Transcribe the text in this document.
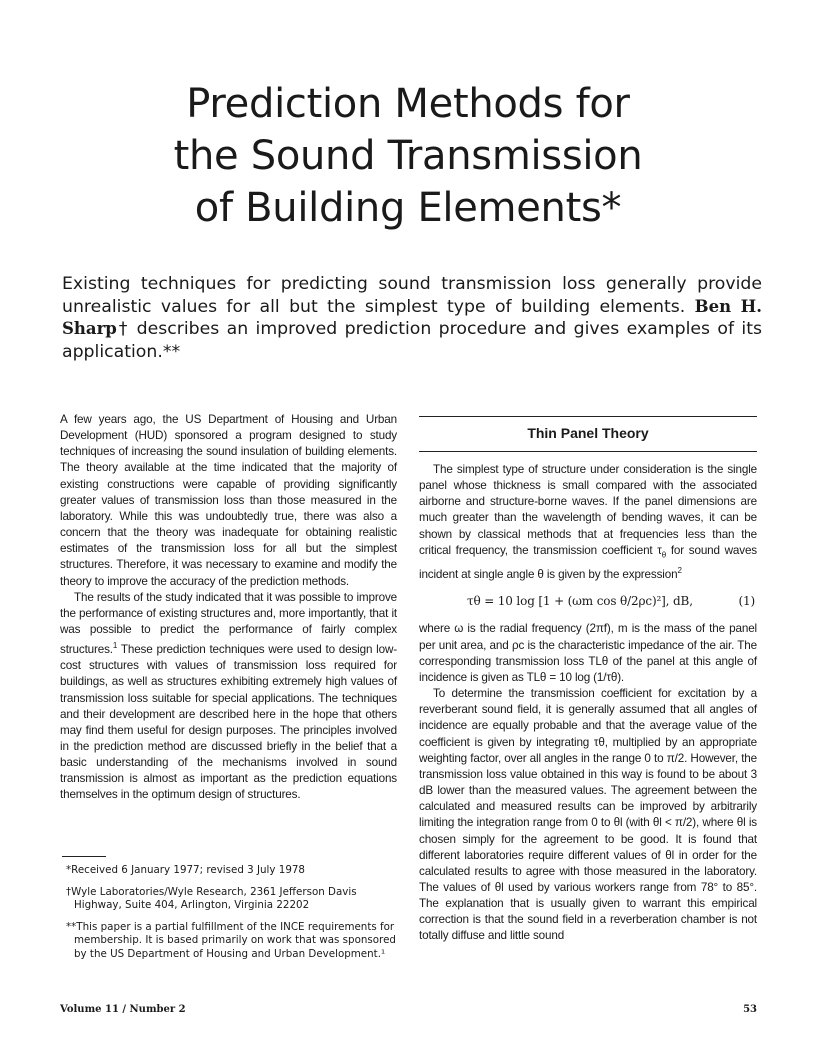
Prediction Methods for
the Sound Transmission
of Building Elements*
Existing techniques for predicting sound transmission loss generally provide unrealistic values for all but the simplest type of building elements. Ben H. Sharp† describes an improved prediction procedure and gives examples of its application.**

A few years ago, the US Department of Housing and Urban Development (HUD) sponsored a program designed to study techniques of increasing the sound insulation of building elements. The theory available at the time indicated that the majority of existing constructions were capable of providing significantly greater values of transmission loss than those measured in the laboratory. While this was undoubtedly true, there was also a concern that the theory was inadequate for obtaining realistic estimates of the transmission loss for all but the simplest structures. Therefore, it was necessary to examine and modify the theory to improve the accuracy of the prediction methods.

The results of the study indicated that it was possible to improve the performance of existing structures and, more importantly, that it was possible to predict the performance of fairly complex structures.$^1$ These prediction techniques were used to design low-cost structures with values of transmission loss required for buildings, as well as structures exhibiting extremely high values of transmission loss suitable for special applications. The techniques and their development are described here in the hope that others may find them useful for design purposes. The principles involved in the prediction method are discussed briefly in the belief that a basic understanding of the mechanisms involved in sound transmission is almost as important as the prediction equations themselves in the optimum design of structures.

*Received 6 January 1977; revised 3 July 1978

†Wyle Laboratories/Wyle Research, 2361 Jefferson Davis Highway, Suite 404, Arlington, Virginia 22202

**This paper is a partial fulfillment of the INCE requirements for membership. It is based primarily on work that was sponsored by the US Department of Housing and Urban Development.¹

Thin Panel Theory

The simplest type of structure under consideration is the single panel whose thickness is small compared with the associated airborne and structure-borne waves. If the panel dimensions are much greater than the wavelength of bending waves, it can be shown by classical methods that at frequencies less than the critical frequency, the transmission coefficient $\tau_\theta$ for sound waves incident at single angle θ is given by the expression$^2$

τθ = 10 log [1 + (ωm cos θ/2ρc)²], dB,	(1)

where ω is the radial frequency (2πf), m is the mass of the panel per unit area, and ρc is the characteristic impedance of the air. The corresponding transmission loss TLθ of the panel at this angle of incidence is given as TLθ = 10 log (1/τθ).

To determine the transmission coefficient for excitation by a reverberant sound field, it is generally assumed that all angles of incidence are equally probable and that the average value of the coefficient is given by integrating τθ, multiplied by an appropriate weighting factor, over all angles in the range 0 to π/2. However, the transmission loss value obtained in this way is found to be about 3 dB lower than the measured values. The agreement between the calculated and measured results can be improved by arbitrarily limiting the integration range from 0 to θl (with θl < π/2), where θl is chosen simply for the agreement to be good. It is found that different laboratories require different values of θl in order for the calculated results to agree with those measured in the laboratory. The values of θl used by various workers range from 78° to 85°. The explanation that is usually given to warrant this empirical correction is that the sound field in a reverberation chamber is not totally diffuse and little sound

Volume 11 / Number 2	53
